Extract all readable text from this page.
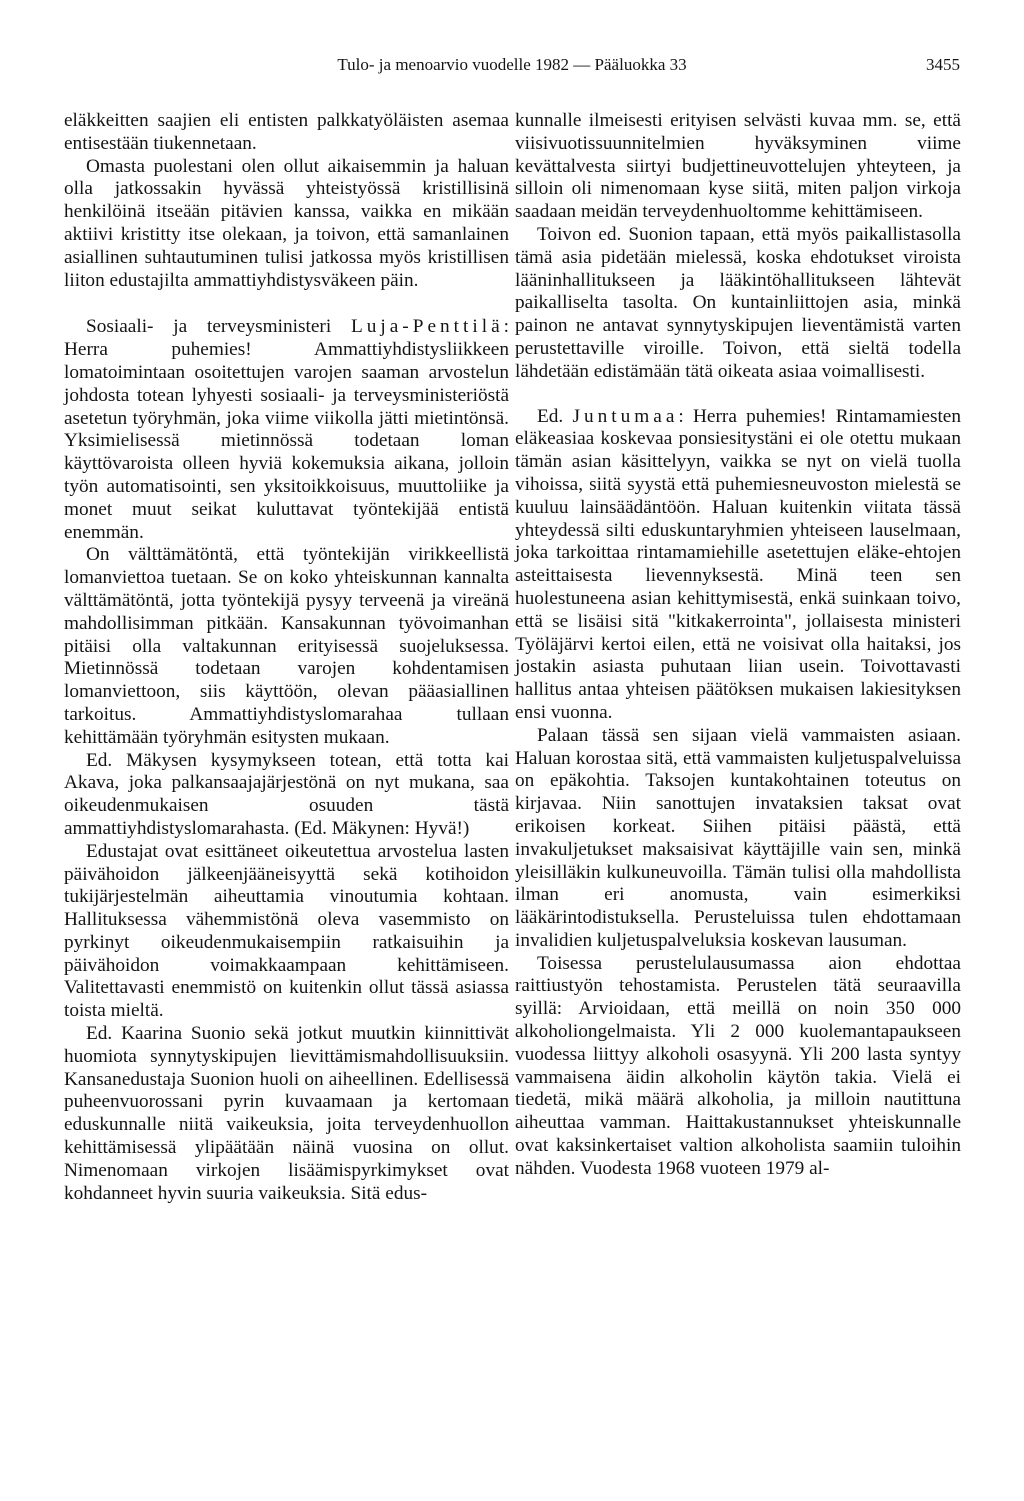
Tulo- ja menoarvio vuodelle 1982 — Pääluokka 33	3455

eläkkeitten saajien eli entisten palkkatyöläisten asemaa entisestään tiukennetaan.

Omasta puolestani olen ollut aikaisemmin ja haluan olla jatkossakin hyvässä yhteistyössä kristillisinä henkilöinä itseään pitävien kanssa, vaikka en mikään aktiivi kristitty itse olekaan, ja toivon, että samanlainen asiallinen suhtautuminen tulisi jatkossa myös kristillisen liiton edustajilta ammattiyhdistysväkeen päin.

Sosiaali- ja terveysministeri Luja-Penttilä: Herra puhemies! Ammattiyhdistysliikkeen lomatoimintaan osoitettujen varojen saaman arvostelun johdosta totean lyhyesti sosiaali- ja terveysministeriöstä asetetun työryhmän, joka viime viikolla jätti mietintönsä. Yksimielisessä mietinnössä todetaan loman käyttövaroista olleen hyviä kokemuksia aikana, jolloin työn automatisointi, sen yksitoikkoisuus, muuttoliike ja monet muut seikat kuluttavat työntekijää entistä enemmän.

On välttämätöntä, että työntekijän virikkeellistä lomanviettoa tuetaan. Se on koko yhteiskunnan kannalta välttämätöntä, jotta työntekijä pysyy terveenä ja vireänä mahdollisimman pitkään. Kansakunnan työvoimanhan pitäisi olla valtakunnan erityisessä suojeluksessa. Mietinnössä todetaan varojen kohdentamisen lomanviettoon, siis käyttöön, olevan pääasiallinen tarkoitus. Ammattiyhdistyslomarahaa tullaan kehittämään työryhmän esitysten mukaan.

Ed. Mäkysen kysymykseen totean, että totta kai Akava, joka palkansaajajärjestönä on nyt mukana, saa oikeudenmukaisen osuuden tästä ammattiyhdistyslomarahasta. (Ed. Mäkynen: Hyvä!)

Edustajat ovat esittäneet oikeutettua arvostelua lasten päivähoidon jälkeenjääneisyyttä sekä kotihoidon tukijärjestelmän aiheuttamia vinoutumia kohtaan. Hallituksessa vähemmistönä oleva vasemmisto on pyrkinyt oikeudenmukaisempiin ratkaisuihin ja päivähoidon voimakkaampaan kehittämiseen. Valitettavasti enemmistö on kuitenkin ollut tässä asiassa toista mieltä.

Ed. Kaarina Suonio sekä jotkut muutkin kiinnittivät huomiota synnytyskipujen lievittämismahdollisuuksiin. Kansanedustaja Suonion huoli on aiheellinen. Edellisessä puheenvuorossani pyrin kuvaamaan ja kertomaan eduskunnalle niitä vaikeuksia, joita terveydenhuollon kehittämisessä ylipäätään näinä vuosina on ollut. Nimenomaan virkojen lisäämispyrkimykset ovat kohdanneet hyvin suuria vaikeuksia. Sitä edus-

kunnalle ilmeisesti erityisen selvästi kuvaa mm. se, että viisivuotissuunnitelmien hyväksyminen viime kevättalvesta siirtyi budjettineuvottelujen yhteyteen, ja silloin oli nimenomaan kyse siitä, miten paljon virkoja saadaan meidän terveydenhuoltomme kehittämiseen.

Toivon ed. Suonion tapaan, että myös paikallistasolla tämä asia pidetään mielessä, koska ehdotukset viroista lääninhallitukseen ja lääkintöhallitukseen lähtevät paikalliselta tasolta. On kuntainliittojen asia, minkä painon ne antavat synnytyskipujen lieventämistä varten perustettaville viroille. Toivon, että sieltä todella lähdetään edistämään tätä oikeata asiaa voimallisesti.

Ed. Juntumaa: Herra puhemies! Rintamamiesten eläkeasiaa koskevaa ponsiesitystäni ei ole otettu mukaan tämän asian käsittelyyn, vaikka se nyt on vielä tuolla vihoissa, siitä syystä että puhemiesneuvoston mielestä se kuuluu lainsäädäntöön. Haluan kuitenkin viitata tässä yhteydessä silti eduskuntaryhmien yhteiseen lauselmaan, joka tarkoittaa rintamamiehille asetettujen eläke-ehtojen asteittaisesta lievennyksestä. Minä teen sen huolestuneena asian kehittymisestä, enkä suinkaan toivo, että se lisäisi sitä "kitkakerrointa", jollaisesta ministeri Työläjärvi kertoi eilen, että ne voisivat olla haitaksi, jos jostakin asiasta puhutaan liian usein. Toivottavasti hallitus antaa yhteisen päätöksen mukaisen lakiesityksen ensi vuonna.

Palaan tässä sen sijaan vielä vammaisten asiaan. Haluan korostaa sitä, että vammaisten kuljetuspalveluissa on epäkohtia. Taksojen kuntakohtainen toteutus on kirjavaa. Niin sanottujen invataksien taksat ovat erikoisen korkeat. Siihen pitäisi päästä, että invakuljetukset maksaisivat käyttäjille vain sen, minkä yleisilläkin kulkuneuvoilla. Tämän tulisi olla mahdollista ilman eri anomusta, vain esimerkiksi lääkärintodistuksella. Perusteluissa tulen ehdottamaan invalidien kuljetuspalveluksia koskevan lausuman.

Toisessa perustelulausumassa aion ehdottaa raittiustyön tehostamista. Perustelen tätä seuraavilla syillä: Arvioidaan, että meillä on noin 350 000 alkoholiongelmaista. Yli 2 000 kuolemantapaukseen vuodessa liittyy alkoholi osasyynä. Yli 200 lasta syntyy vammaisena äidin alkoholin käytön takia. Vielä ei tiedetä, mikä määrä alkoholia, ja milloin nautittuna aiheuttaa vamman. Haittakustannukset yhteiskunnalle ovat kaksinkertaiset valtion alkoholista saamiin tuloihin nähden. Vuodesta 1968 vuoteen 1979 al-
